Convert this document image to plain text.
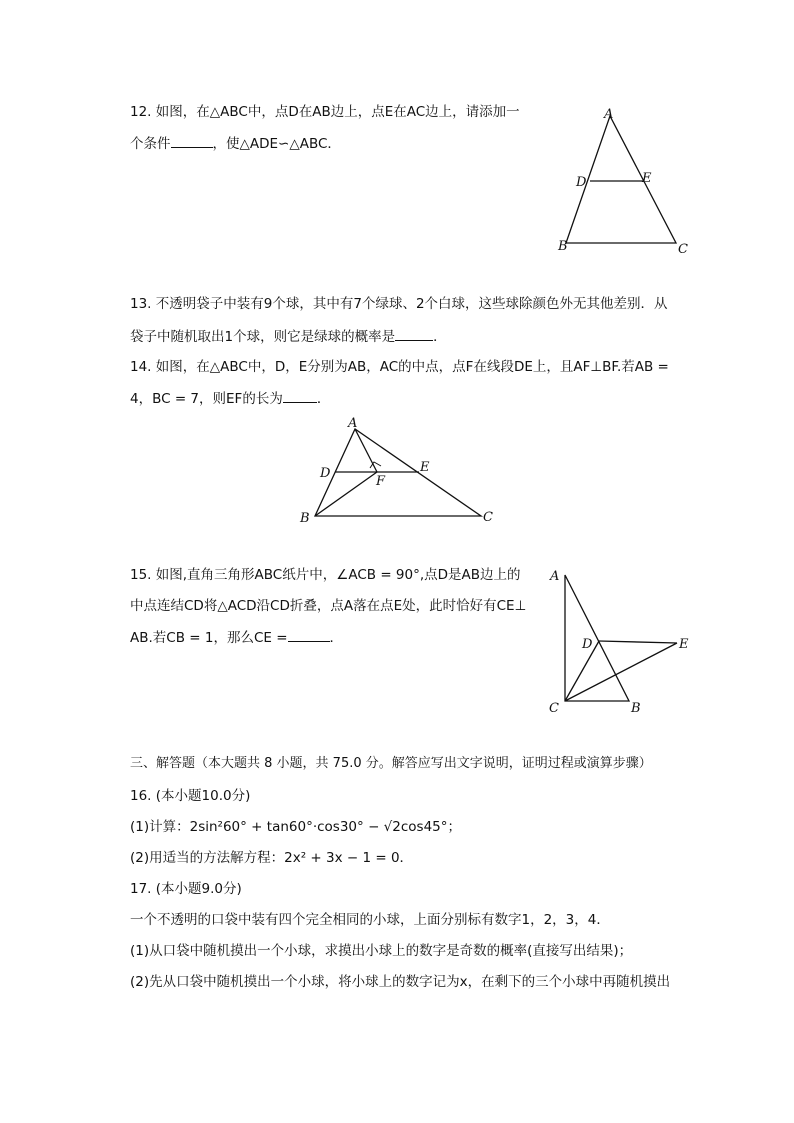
12. 如图，在△ABC中，点D在AB边上，点E在AC边上，请添加一
个条件	，使△ADE∽△ABC．
A
D	E
B	C
13. 不透明袋子中装有9个球，其中有7个绿球、2个白球，这些球除颜色外无其他差别．从
袋子中随机取出1个球，则它是绿球的概率是	．
14. 如图，在△ABC中，D，E分别为AB，AC的中点，点F在线段DE上，且AF⊥BF.若AB =
4，BC = 7，则EF的长为	．
A
D	E
F
B	C
15. 如图,直角三角形ABC纸片中，∠ACB = 90°,点D是AB边上的
中点连结CD将△ACD沿CD折叠，点A落在点E处，此时恰好有CE⊥
AB.若CB = 1，那么CE =	．
A
D	E
C	B
三、解答题（本大题共 8 小题，共 75.0 分。解答应写出文字说明，证明过程或演算步骤）
16. (本小题10.0分)
(1)计算：2sin²60° + tan60°·cos30° − √2cos45°；
(2)用适当的方法解方程：2x² + 3x − 1 = 0．
17. (本小题9.0分)
一个不透明的口袋中装有四个完全相同的小球，上面分别标有数字1，2，3，4．
(1)从口袋中随机摸出一个小球，求摸出小球上的数字是奇数的概率(直接写出结果)；
(2)先从口袋中随机摸出一个小球，将小球上的数字记为x，在剩下的三个小球中再随机摸出
